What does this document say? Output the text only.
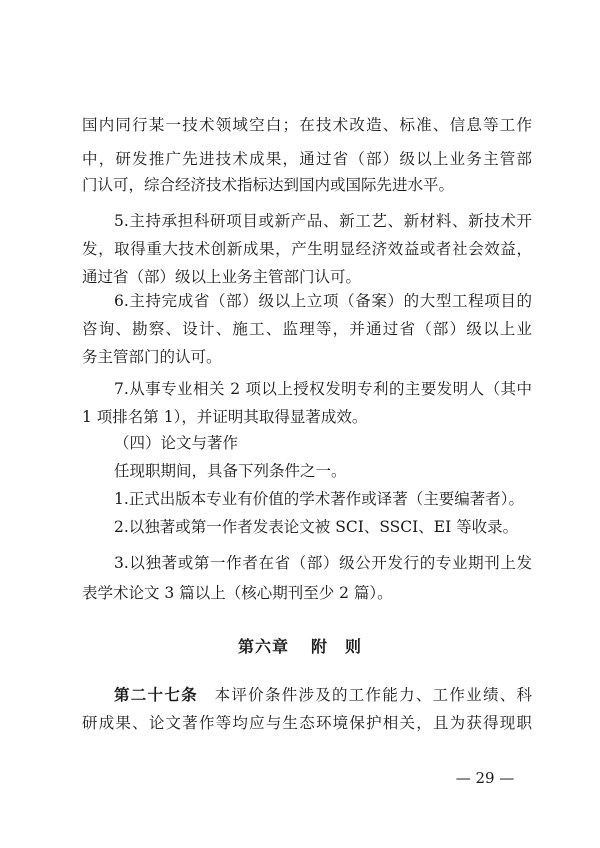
国内同行某一技术领域空白；在技术改造、标准、信息等工作
中，研发推广先进技术成果，通过省（部）级以上业务主管部
门认可，综合经济技术指标达到国内或国际先进水平。
5.主持承担科研项目或新产品、新工艺、新材料、新技术开
发，取得重大技术创新成果，产生明显经济效益或者社会效益，
通过省（部）级以上业务主管部门认可。
6.主持完成省（部）级以上立项（备案）的大型工程项目的
咨询、勘察、设计、施工、监理等，并通过省（部）级以上业
务主管部门的认可。
7.从事专业相关 2 项以上授权发明专利的主要发明人（其中
1 项排名第 1），并证明其取得显著成效。
（四）论文与著作
任现职期间，具备下列条件之一。
1.正式出版本专业有价值的学术著作或译著（主要编著者）。
2.以独著或第一作者发表论文被 SCI、SSCI、EI 等收录。
3.以独著或第一作者在省（部）级公开发行的专业期刊上发
表学术论文 3 篇以上（核心期刊至少 2 篇）。
第六章 附　则
第二十七条　 本评价条件涉及的工作能力、工作业绩、科
研成果、论文著作等均应与生态环境保护相关，且为获得现职
— 29 —
